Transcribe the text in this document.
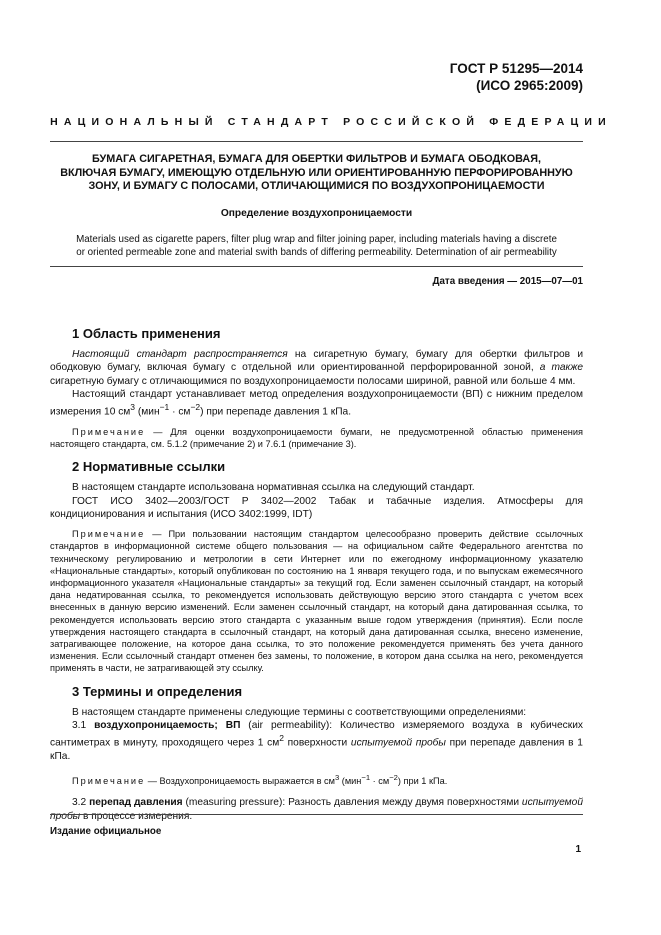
ГОСТ Р 51295—2014
(ИСО 2965:2009)
НАЦИОНАЛЬНЫЙ СТАНДАРТ РОССИЙСКОЙ ФЕДЕРАЦИИ
БУМАГА СИГАРЕТНАЯ, БУМАГА ДЛЯ ОБЕРТКИ ФИЛЬТРОВ И БУМАГА ОБОДКОВАЯ,
ВКЛЮЧАЯ БУМАГУ, ИМЕЮЩУЮ ОТДЕЛЬНУЮ ИЛИ ОРИЕНТИРОВАННУЮ ПЕРФОРИРОВАННУЮ
ЗОНУ, И БУМАГУ С ПОЛОСАМИ, ОТЛИЧАЮЩИМИСЯ ПО ВОЗДУХОПРОНИЦАЕМОСТИ
Определение воздухопроницаемости
Materials used as cigarette papers, filter plug wrap and filter joining paper, including materials having a discrete
or oriented permeable zone and material swith bands of differing permeability. Determination of air permeability
Дата введения — 2015—07—01
1 Область применения

Настоящий стандарт распространяется на сигаретную бумагу, бумагу для обертки фильтров и ободковую бумагу, включая бумагу с отдельной или ориентированной перфорированной зоной, а также сигаретную бумагу с отличающимися по воздухопроницаемости полосами шириной, равной или больше 4 мм.

Настоящий стандарт устанавливает метод определения воздухопроницаемости (ВП) с нижним пределом измерения 10 $см^3$ $(мин^{-1} \cdot см^{-2})$ при перепаде давления 1 кПа.

Примечание — Для оценки воздухопроницаемости бумаги, не предусмотренной областью применения настоящего стандарта, см. 5.1.2 (примечание 2) и 7.6.1 (примечание 3).

2 Нормативные ссылки

В настоящем стандарте использована нормативная ссылка на следующий стандарт.

ГОСТ ИСО 3402—2003/ГОСТ Р 3402—2002 Табак и табачные изделия. Атмосферы для кондиционирования и испытания (ИСО 3402:1999, IDT)

Примечание — При пользовании настоящим стандартом целесообразно проверить действие ссылочных стандартов в информационной системе общего пользования — на официальном сайте Федерального агентства по техническому регулированию и метрологии в сети Интернет или по ежегодному информационному указателю «Национальные стандарты», который опубликован по состоянию на 1 января текущего года, и по выпускам ежемесячного информационного указателя «Национальные стандарты» за текущий год. Если заменен ссылочный стандарт, на который дана недатированная ссылка, то рекомендуется использовать действующую версию этого стандарта с учетом всех внесенных в данную версию изменений. Если заменен ссылочный стандарт, на который дана датированная ссылка, то рекомендуется использовать версию этого стандарта с указанным выше годом утверждения (принятия). Если после утверждения настоящего стандарта в ссылочный стандарт, на который дана датированная ссылка, внесено изменение, затрагивающее положение, на которое дана ссылка, то это положение рекомендуется применять без учета данного изменения. Если ссылочный стандарт отменен без замены, то положение, в котором дана ссылка на него, рекомендуется применять в части, не затрагивающей эту ссылку.

3 Термины и определения

В настоящем стандарте применены следующие термины с соответствующими определениями:

3.1 воздухопроницаемость; ВП (air permeability): Количество измеряемого воздуха в кубических сантиметрах в минуту, проходящего через 1 $см^2$ поверхности испытуемой пробы при перепаде давления в 1 кПа.

Примечание — Воздухопроницаемость выражается в $см^3$ $(мин^{-1} \cdot см^{-2})$ при 1 кПа.

3.2 перепад давления (measuring pressure): Разность давления между двумя поверхностями испытуемой пробы в процессе измерения.

Издание официальное
1
